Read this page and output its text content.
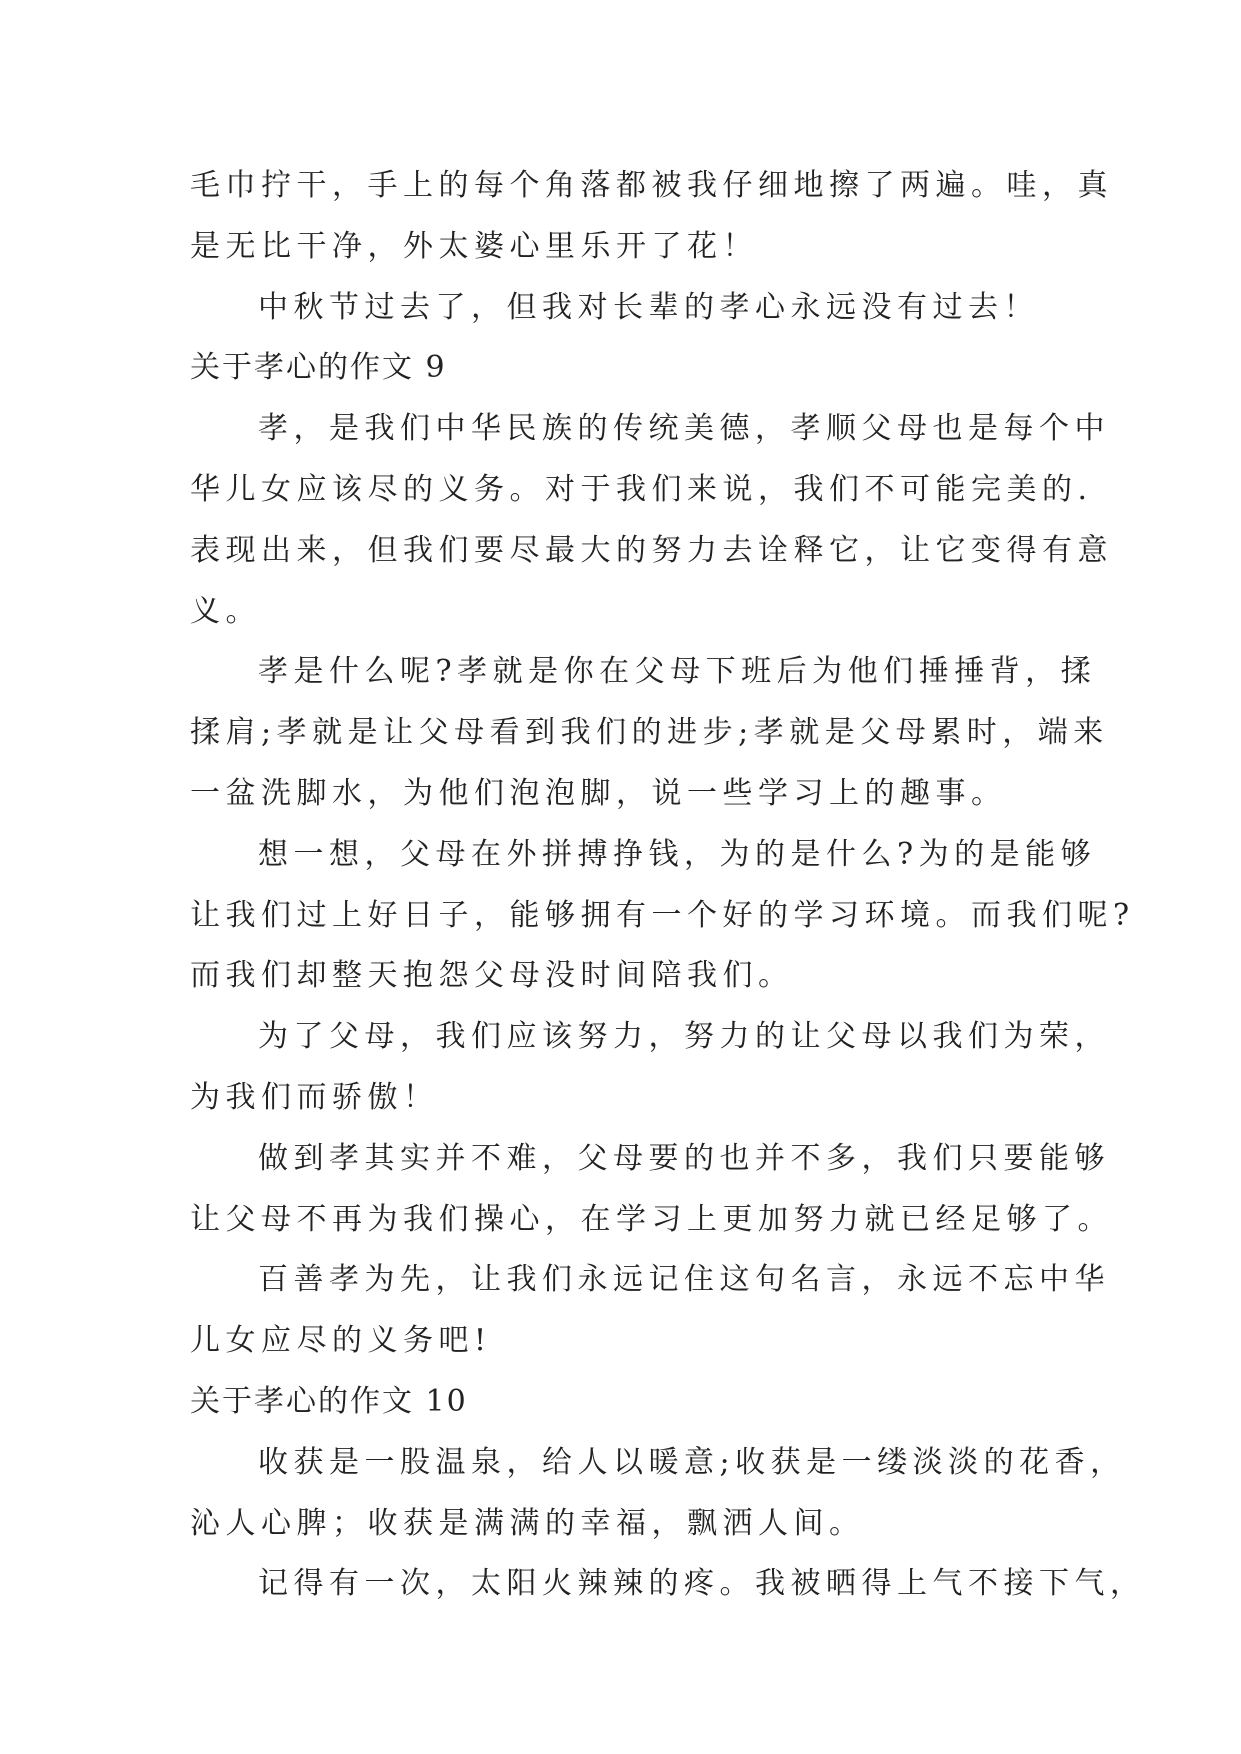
毛巾拧干，手上的每个角落都被我仔细地擦了两遍。哇，真
是无比干净，外太婆心里乐开了花！
中秋节过去了，但我对长辈的孝心永远没有过去！
关于孝心的作文 9
孝，是我们中华民族的传统美德，孝顺父母也是每个中
华儿女应该尽的义务。对于我们来说，我们不可能完美的.
表现出来，但我们要尽最大的努力去诠释它，让它变得有意
义。
孝是什么呢?孝就是你在父母下班后为他们捶捶背，揉
揉肩;孝就是让父母看到我们的进步;孝就是父母累时，端来
一盆洗脚水，为他们泡泡脚，说一些学习上的趣事。
想一想，父母在外拼搏挣钱，为的是什么?为的是能够
让我们过上好日子，能够拥有一个好的学习环境。而我们呢?
而我们却整天抱怨父母没时间陪我们。
为了父母，我们应该努力，努力的让父母以我们为荣，
为我们而骄傲！
做到孝其实并不难，父母要的也并不多，我们只要能够
让父母不再为我们操心，在学习上更加努力就已经足够了。
百善孝为先，让我们永远记住这句名言，永远不忘中华
儿女应尽的义务吧!
关于孝心的作文 10
收获是一股温泉，给人以暖意;收获是一缕淡淡的花香，
沁人心脾；收获是满满的幸福，飘洒人间。
记得有一次，太阳火辣辣的疼。我被晒得上气不接下气，
